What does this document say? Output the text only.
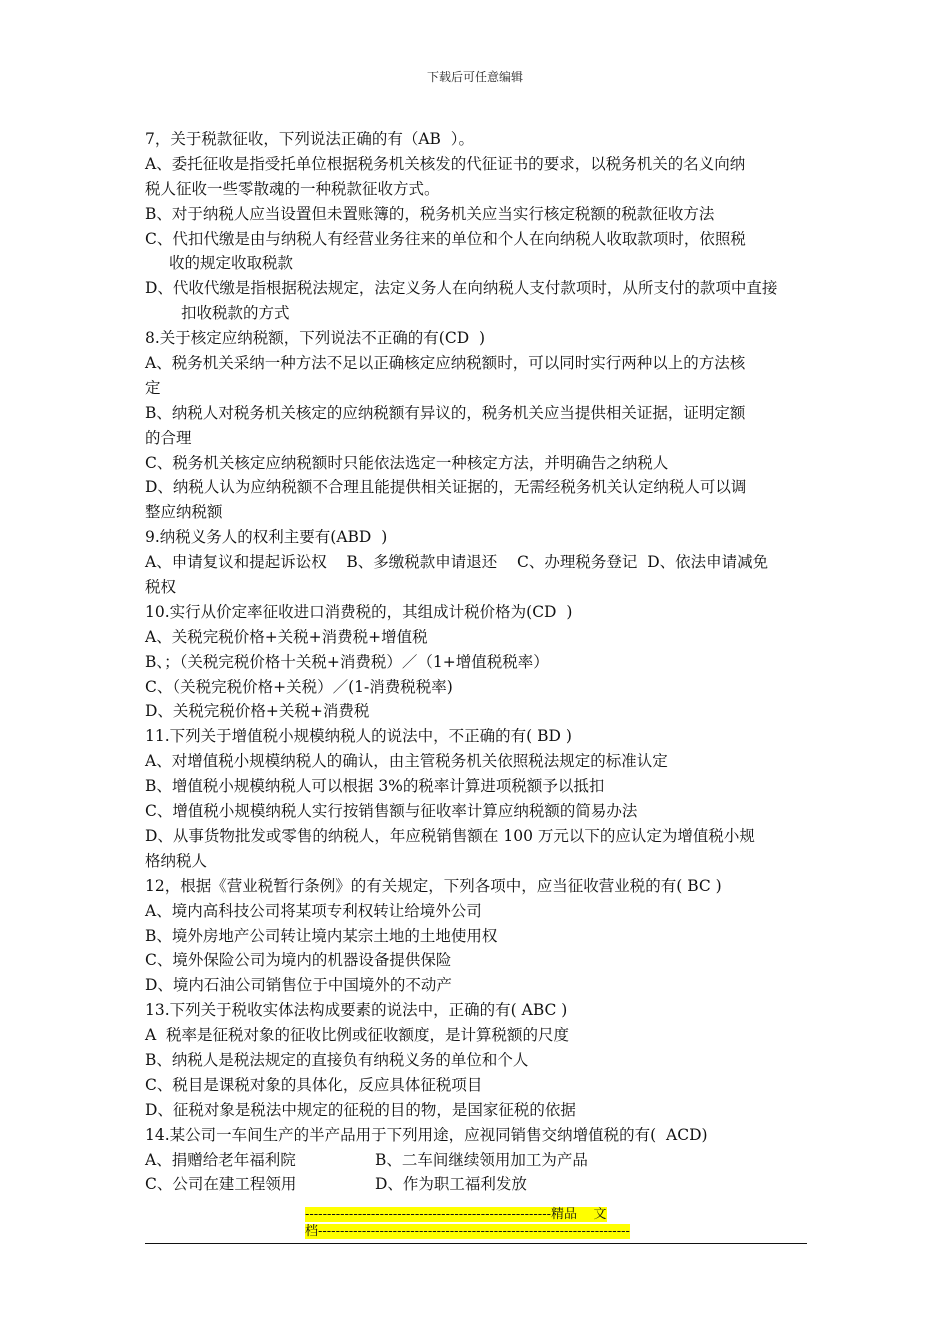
下载后可任意编辑
7，关于税款征收，下列说法正确的有（AB  ）。
A、委托征收是指受托单位根据税务机关核发的代征证书的要求，以税务机关的名义向纳
税人征收一些零散魂的一种税款征收方式。
B、对于纳税人应当设置但未置账簿的，税务机关应当实行核定税额的税款征收方法
C、代扣代缴是由与纳税人有经营业务往来的单位和个人在向纳税人收取款项时，依照税
收的规定收取税款
D、代收代缴是指根据税法规定，法定义务人在向纳税人支付款项时，从所支付的款项中直接
扣收税款的方式
8.关于核定应纳税额，下列说法不正确的有(CD  )
A、税务机关采纳一种方法不足以正确核定应纳税额时，可以同时实行两种以上的方法核
定
B、纳税人对税务机关核定的应纳税额有异议的，税务机关应当提供相关证据，证明定额
的合理
C、税务机关核定应纳税额时只能依法选定一种核定方法，并明确告之纳税人
D、纳税人认为应纳税额不合理且能提供相关证据的，无需经税务机关认定纳税人可以调
整应纳税额
9.纳税义务人的权利主要有(ABD  )
A、申请复议和提起诉讼权    B、多缴税款申请退还    C、办理税务登记  D、依法申请减免
税权
10.实行从价定率征收进口消费税的，其组成计税价格为(CD  )
A、关税完税价格+关税+消费税+增值税
B、；（关税完税价格十关税+消费税）／（1+增值税税率）
C、（关税完税价格+关税）／(1-消费税税率)
D、关税完税价格+关税+消费税
11.下列关于增值税小规模纳税人的说法中，不正确的有( BD )
A、对增值税小规模纳税人的确认，由主管税务机关依照税法规定的标准认定
B、增值税小规模纳税人可以根据 3%的税率计算进项税额予以抵扣
C、增值税小规模纳税人实行按销售额与征收率计算应纳税额的简易办法
D、从事货物批发或零售的纳税人，年应税销售额在 100 万元以下的应认定为增值税小规
格纳税人
12，根据《营业税暂行条例》的有关规定，下列各项中，应当征收营业税的有( BC )
A、境内高科技公司将某项专利权转让给境外公司
B、境外房地产公司转让境内某宗土地的土地使用权
C、境外保险公司为境内的机器设备提供保险
D、境内石油公司销售位于中国境外的不动产
13.下列关于税收实体法构成要素的说法中，正确的有( ABC )
A  税率是征税对象的征收比例或征收额度，是计算税额的尺度
B、纳税人是税法规定的直接负有纳税义务的单位和个人
C、税目是课税对象的具体化，反应具体征税项目
D、征税对象是税法中规定的征税的目的物，是国家征税的依据
14.某公司一车间生产的半产品用于下列用途，应视同销售交纳增值税的有(  ACD)
A、捐赠给老年福利院	B、二车间继续领用加工为产品
C、公司在建工程领用	D、作为职工福利发放
--------------------------------------------------------精品    文
档-----------------------------------------------------------------------
